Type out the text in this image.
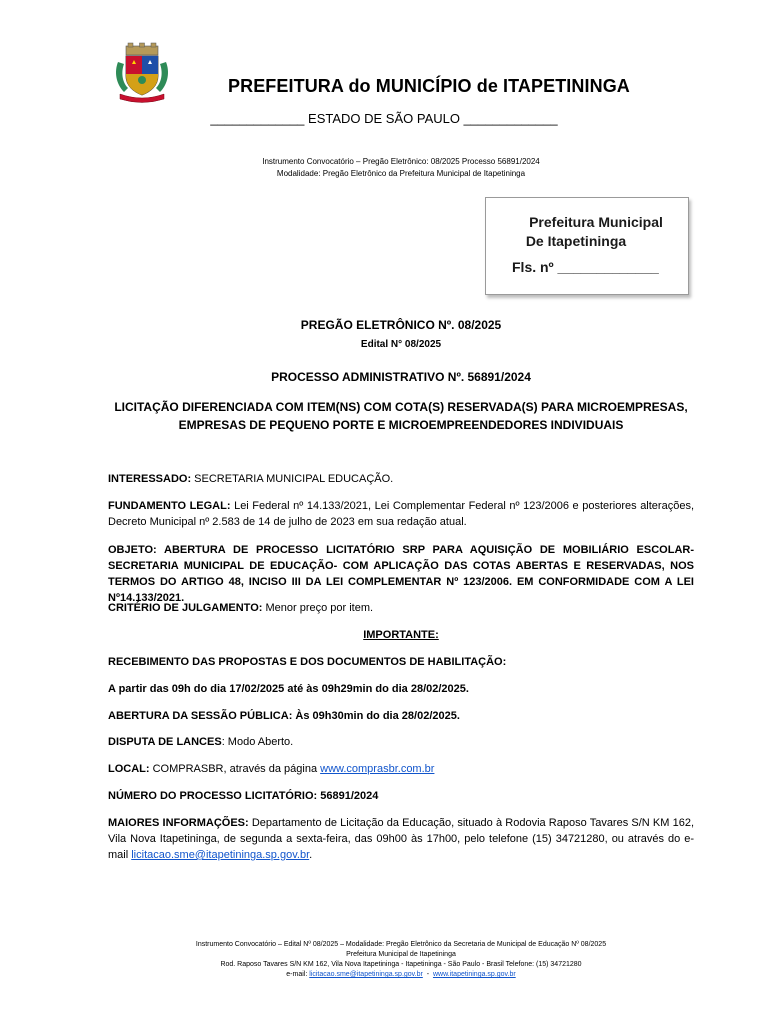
PREFEITURA do MUNICÍPIO de ITAPETININGA
_____________ ESTADO DE SÃO PAULO _____________
Instrumento Convocatório – Pregão Eletrônico: 08/2025 Processo 56891/2024
Modalidade: Pregão Eletrônico da Prefeitura Municipal de Itapetininga
Prefeitura Municipal
De Itapetininga
Fls. nº _____________
PREGÃO ELETRÔNICO Nº. 08/2025
Edital N° 08/2025
PROCESSO ADMINISTRATIVO Nº. 56891/2024
LICITAÇÃO DIFERENCIADA COM ITEM(NS) COM COTA(S) RESERVADA(S) PARA MICROEMPRESAS,
EMPRESAS DE PEQUENO PORTE E MICROEMPREENDEDORES INDIVIDUAIS
INTERESSADO: SECRETARIA MUNICIPAL EDUCAÇÃO.
FUNDAMENTO LEGAL: Lei Federal nº 14.133/2021, Lei Complementar Federal nº 123/2006 e posteriores alterações, Decreto Municipal nº 2.583 de 14 de julho de 2023 em sua redação atual.
OBJETO: ABERTURA DE PROCESSO LICITATÓRIO SRP PARA AQUISIÇÃO DE MOBILIÁRIO ESCOLAR- SECRETARIA MUNICIPAL DE EDUCAÇÃO- COM APLICAÇÃO DAS COTAS ABERTAS E RESERVADAS, NOS TERMOS DO ARTIGO 48, INCISO III DA LEI COMPLEMENTAR Nº 123/2006. EM CONFORMIDADE COM A LEI Nº14.133/2021.
CRITÉRIO DE JULGAMENTO: Menor preço por item.
IMPORTANTE:
RECEBIMENTO DAS PROPOSTAS E DOS DOCUMENTOS DE HABILITAÇÃO:
A partir das 09h do dia 17/02/2025 até às 09h29min do dia 28/02/2025.
ABERTURA DA SESSÃO PÚBLICA: Às 09h30min do dia 28/02/2025.
DISPUTA DE LANCES: Modo Aberto.
LOCAL: COMPRASBR, através da página www.comprasbr.com.br
NÚMERO DO PROCESSO LICITATÓRIO: 56891/2024
MAIORES INFORMAÇÕES: Departamento de Licitação da Educação, situado à Rodovia Raposo Tavares S/N KM 162, Vila Nova Itapetininga, de segunda a sexta-feira, das 09h00 às 17h00, pelo telefone (15) 34721280, ou através do e-mail licitacao.sme@itapetininga.sp.gov.br.
Instrumento Convocatório – Edital Nº 08/2025 – Modalidade: Pregão Eletrônico da Secretaria de Municipal de Educação Nº 08/2025
Prefeitura Municipal de Itapetininga
Rod. Raposo Tavares S/N KM 162, Vila Nova Itapetininga - Itapetininga - São Paulo - Brasil Telefone: (15) 34721280
e-mail: licitacao.sme@itapetininga.sp.gov.br  -  www.itapetininga.sp.gov.br
